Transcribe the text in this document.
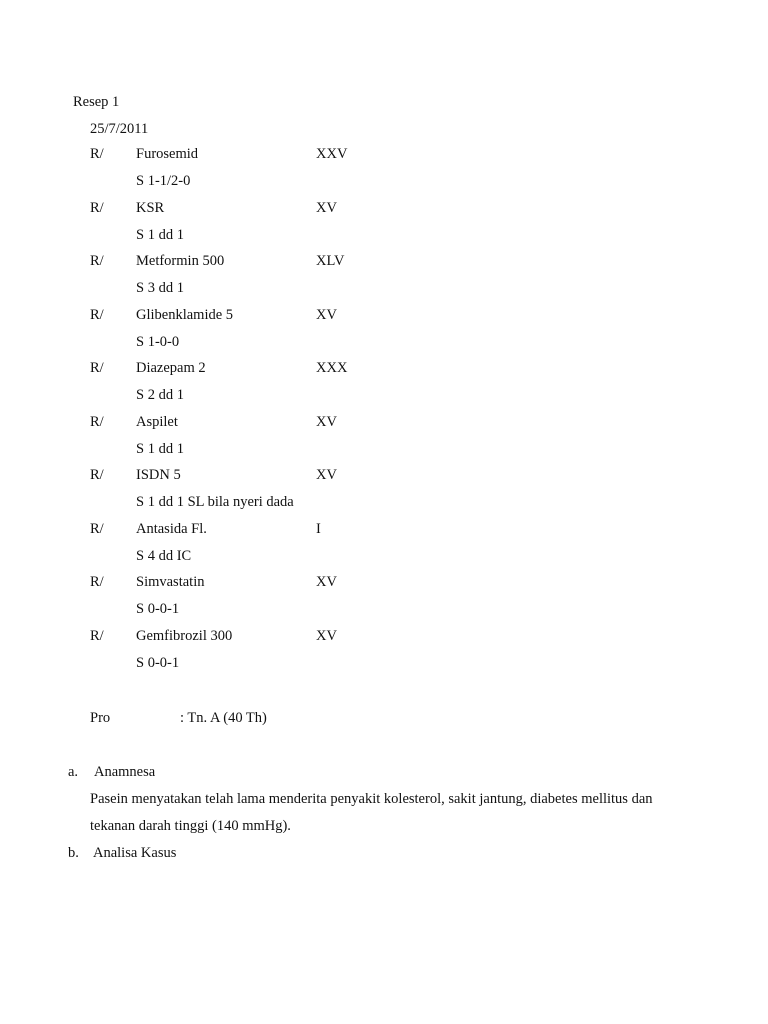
Resep 1
25/7/2011
R/ Furosemid	XXV
S 1-1/2-0
R/ KSR	XV
S 1 dd 1
R/ Metformin 500	XLV
S 3 dd 1
R/ Glibenklamide 5	XV
S 1-0-0
R/ Diazepam 2	XXX
S 2 dd 1
R/ Aspilet	XV
S 1 dd 1
R/ ISDN 5	XV
S 1 dd 1 SL bila nyeri dada
R/ Antasida Fl.	I
S 4 dd IC
R/ Simvastatin	XV
S 0-0-1
R/ Gemfibrozil 300	XV
S 0-0-1
Pro	: Tn. A (40 Th)
a. Anamnesa
Pasein menyatakan telah lama menderita penyakit kolesterol, sakit jantung, diabetes mellitus dan
tekanan darah tinggi (140 mmHg).
b. Analisa Kasus
